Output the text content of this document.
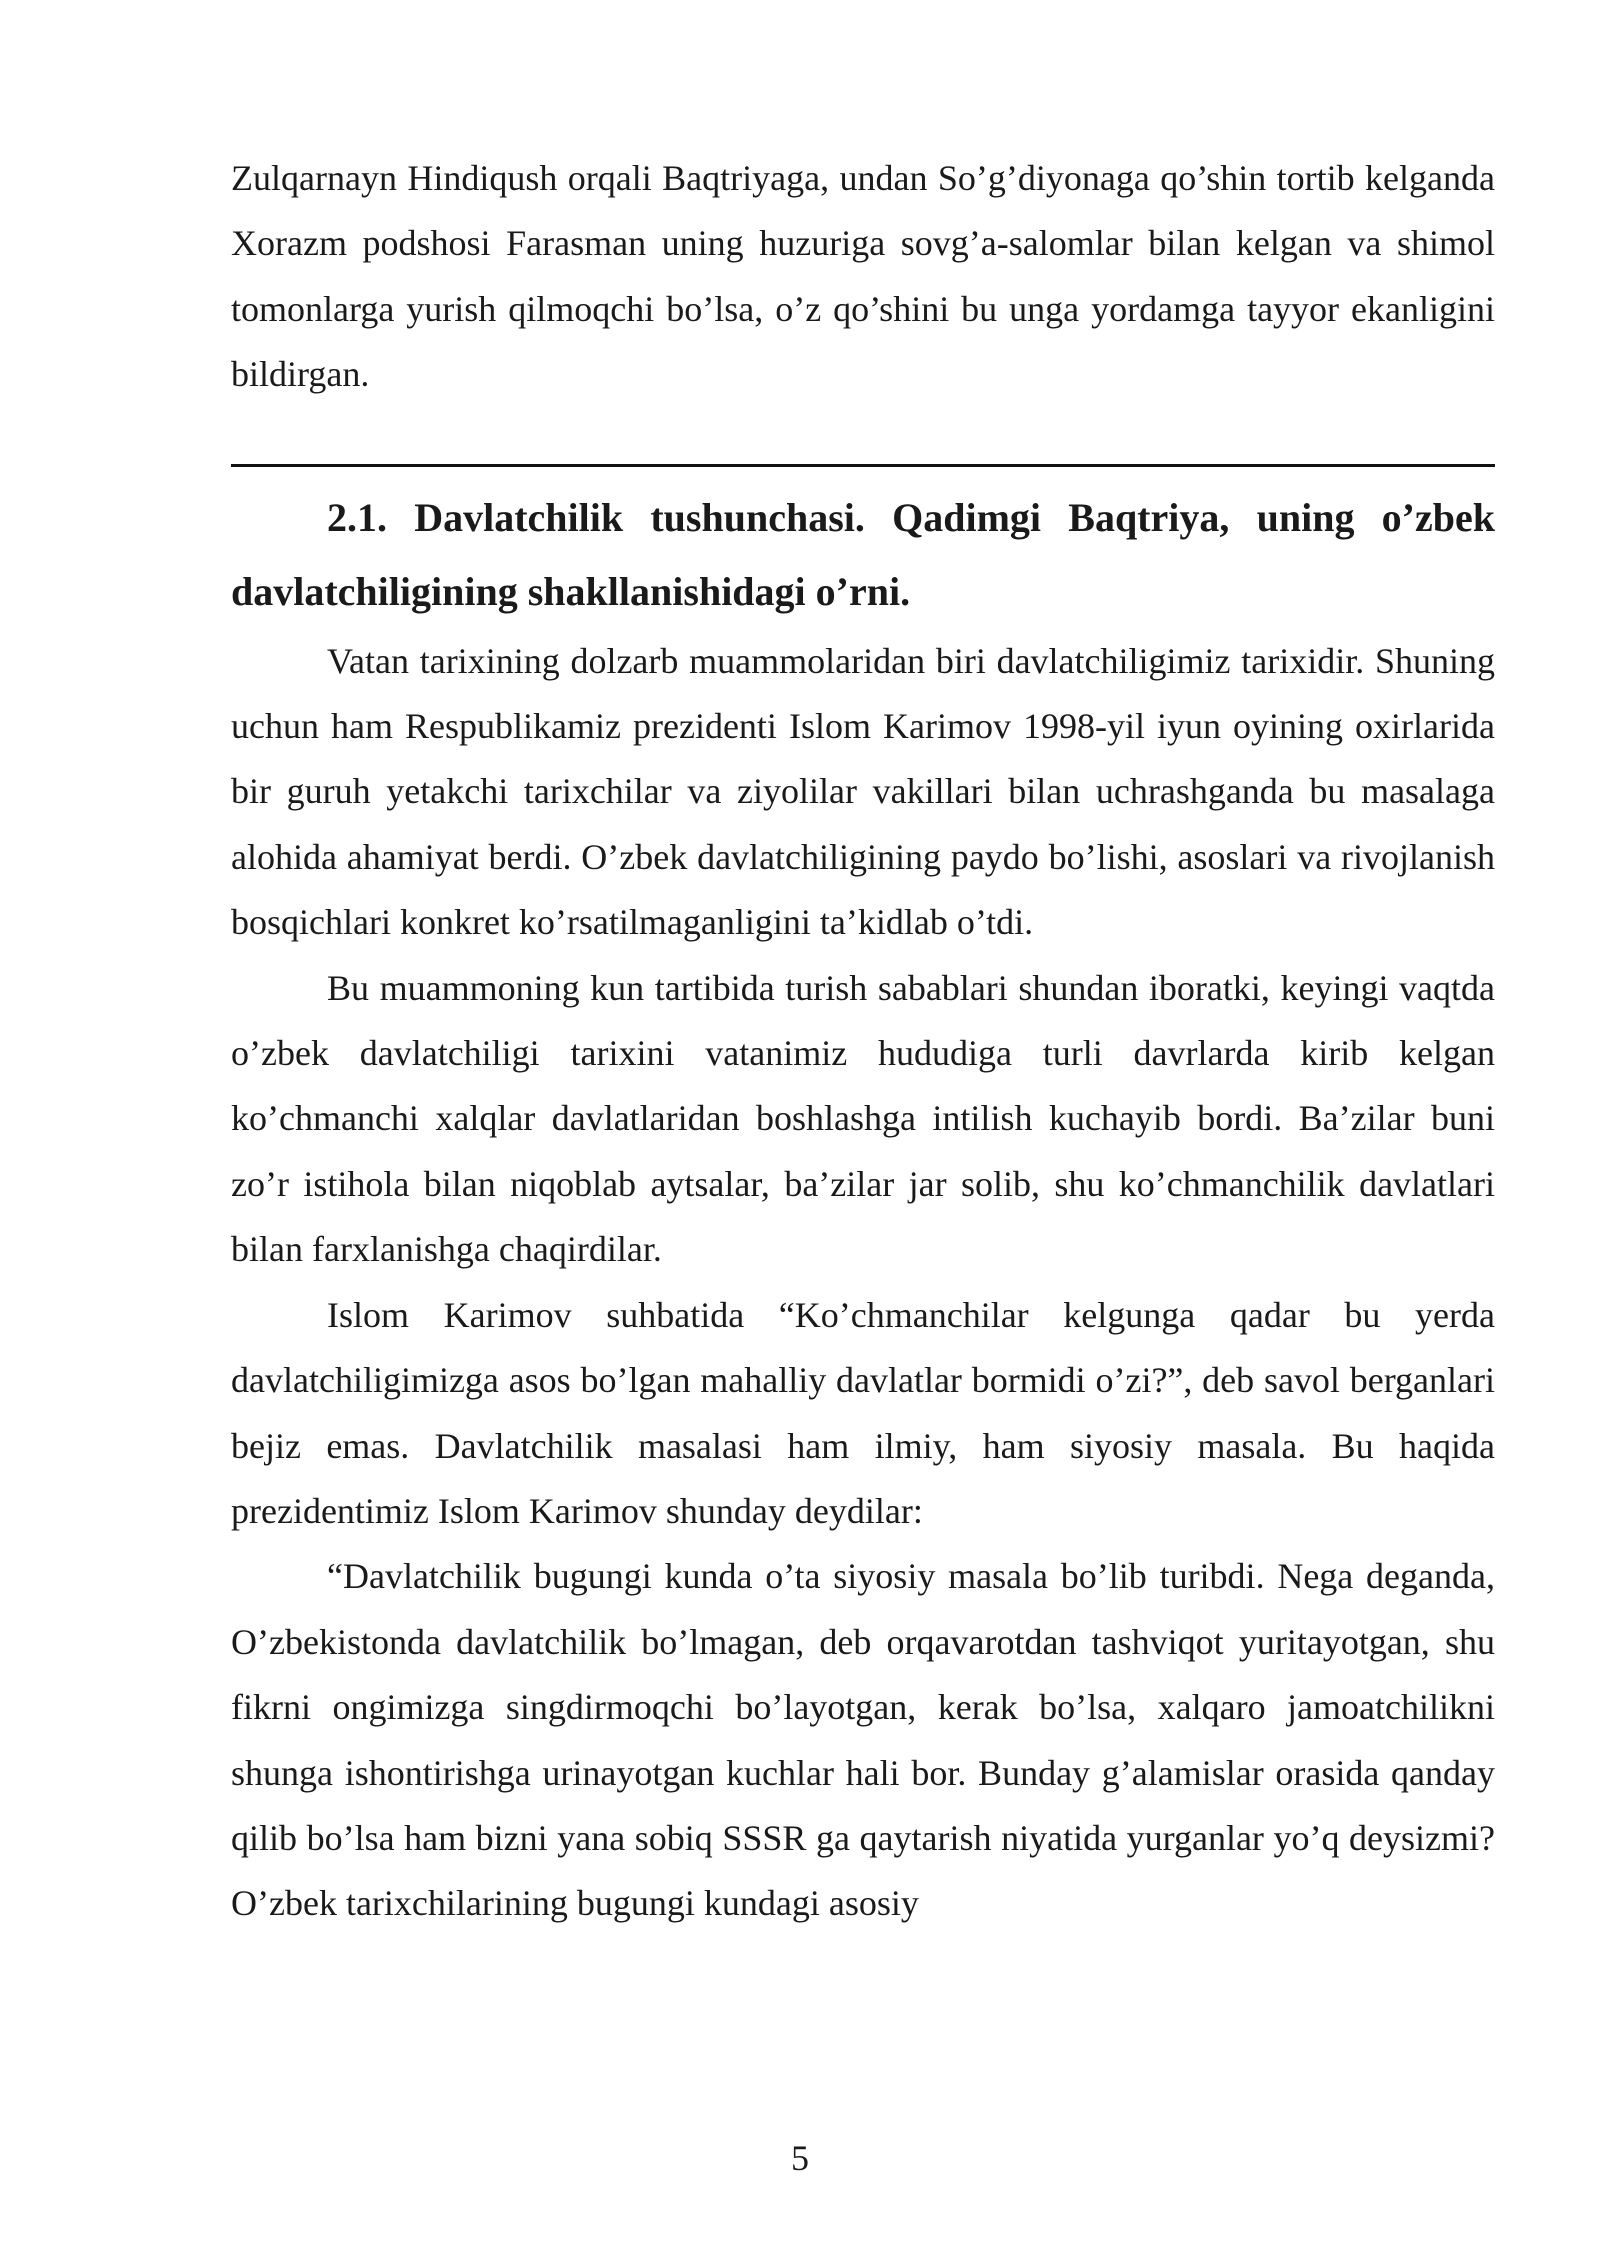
Zulqarnayn Hindiqush orqali Baqtriyaga, undan So’g’diyonaga qo’shin tortib kelganda Xorazm podshosi Farasman uning huzuriga sovg’a-salomlar bilan kelgan va shimol tomonlarga yurish qilmoqchi bo’lsa, o’z qo’shini bu unga yordamga tayyor ekanligini bildirgan.

2.1. Davlatchilik tushunchasi. Qadimgi Baqtriya, uning o’zbek davlatchiligining shakllanishidagi o’rni.

Vatan tarixining dolzarb muammolaridan biri davlatchiligimiz tarixidir. Shuning uchun ham Respublikamiz prezidenti Islom Karimov 1998-yil iyun oyining oxirlarida bir guruh yetakchi tarixchilar va ziyolilar vakillari bilan uchrashganda bu masalaga alohida ahamiyat berdi. O’zbek davlatchiligining paydo bo’lishi, asoslari va rivojlanish bosqichlari konkret ko’rsatilmaganligini ta’kidlab o’tdi.

Bu muammoning kun tartibida turish sabablari shundan iboratki, keyingi vaqtda o’zbek davlatchiligi tarixini vatanimiz hududiga turli davrlarda kirib kelgan ko’chmanchi xalqlar davlatlaridan boshlashga intilish kuchayib bordi. Ba’zilar buni zo’r istihola bilan niqoblab aytsalar, ba’zilar jar solib, shu ko’chmanchilik davlatlari bilan farxlanishga chaqirdilar.

Islom Karimov suhbatida “Ko’chmanchilar kelgunga qadar bu yerda davlatchiligimizga asos bo’lgan mahalliy davlatlar bormidi o’zi?”, deb savol berganlari bejiz emas. Davlatchilik masalasi ham ilmiy, ham siyosiy masala. Bu haqida prezidentimiz Islom Karimov shunday deydilar:

“Davlatchilik bugungi kunda o’ta siyosiy masala bo’lib turibdi. Nega deganda, O’zbekistonda davlatchilik bo’lmagan, deb orqavarotdan tashviqot yuritayotgan, shu fikrni ongimizga singdirmoqchi bo’layotgan, kerak bo’lsa, xalqaro jamoatchilikni shunga ishontirishga urinayotgan kuchlar hali bor. Bunday g’alamislar orasida qanday qilib bo’lsa ham bizni yana sobiq SSSR ga qaytarish niyatida yurganlar yo’q deysizmi? O’zbek tarixchilarining bugungi kundagi asosiy

5
